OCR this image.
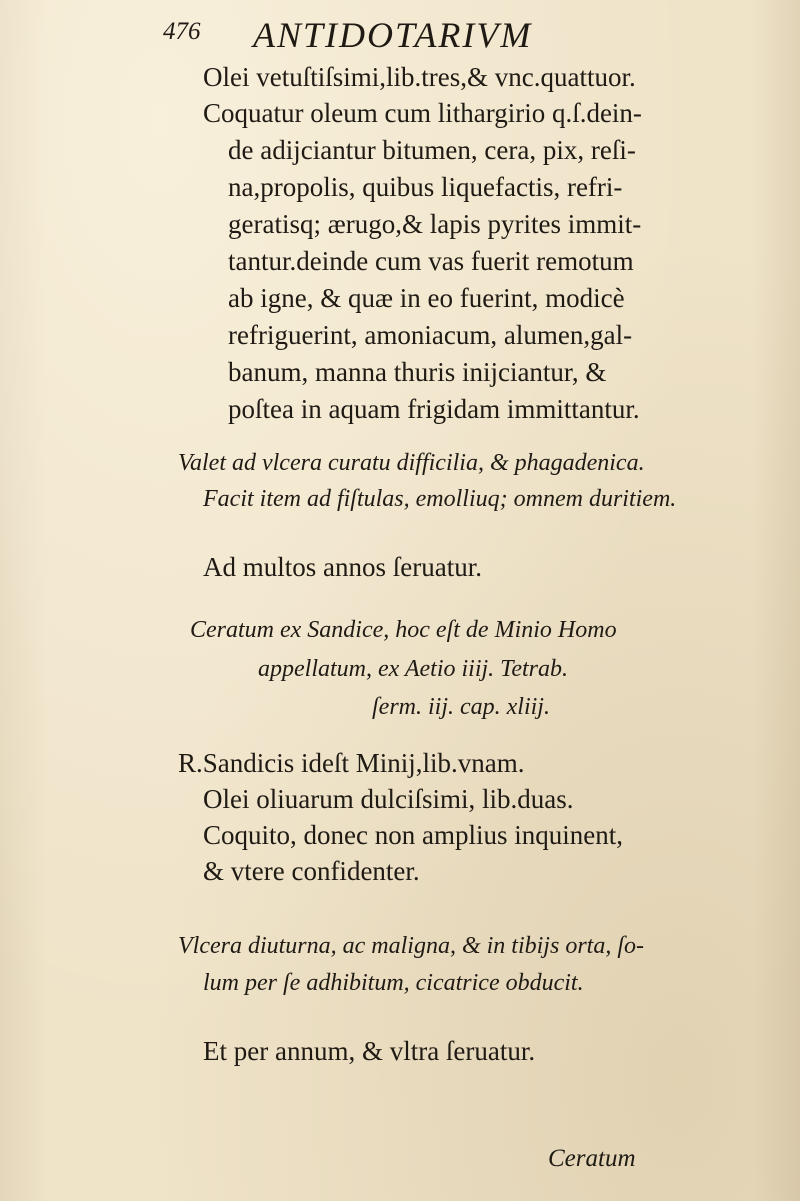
476 ANTIDOTARIVM
Olei vetuſtiſsimi,lib.tres,& vnc.quattuor.
Coquatur oleum cum lithargirio q.ſ.dein-
de adijciantur bitumen, cera, pix, reſi-
na,propolis, quibus liquefactis, refri-
geratisq; ærugo,& lapis pyrites immit-
tantur.deinde cum vas fuerit remotum
ab igne, & quæ in eo fuerint, modicè
refriguerint, amoniacum, alumen,gal-
banum, manna thuris inijciantur, &
poſtea in aquam frigidam immittantur.
Valet ad vlcera curatu difficilia, & phagadenica.
Facit item ad fiſtulas, emolliuq; omnem duritiem.
Ad multos annos ſeruatur.
Ceratum ex Sandice, hoc eſt de Minio Homo
appellatum, ex Aetio iiij. Tetrab.
ſerm. iij. cap. xliij.
R.Sandicis ideſt Minij,lib.vnam.
Olei oliuarum dulciſsimi, lib.duas.
Coquito, donec non amplius inquinent,
& vtere confidenter.
Vlcera diuturna, ac maligna, & in tibijs orta, ſo-
lum per ſe adhibitum, cicatrice obducit.
Et per annum, & vltra ſeruatur.
Ceratum
